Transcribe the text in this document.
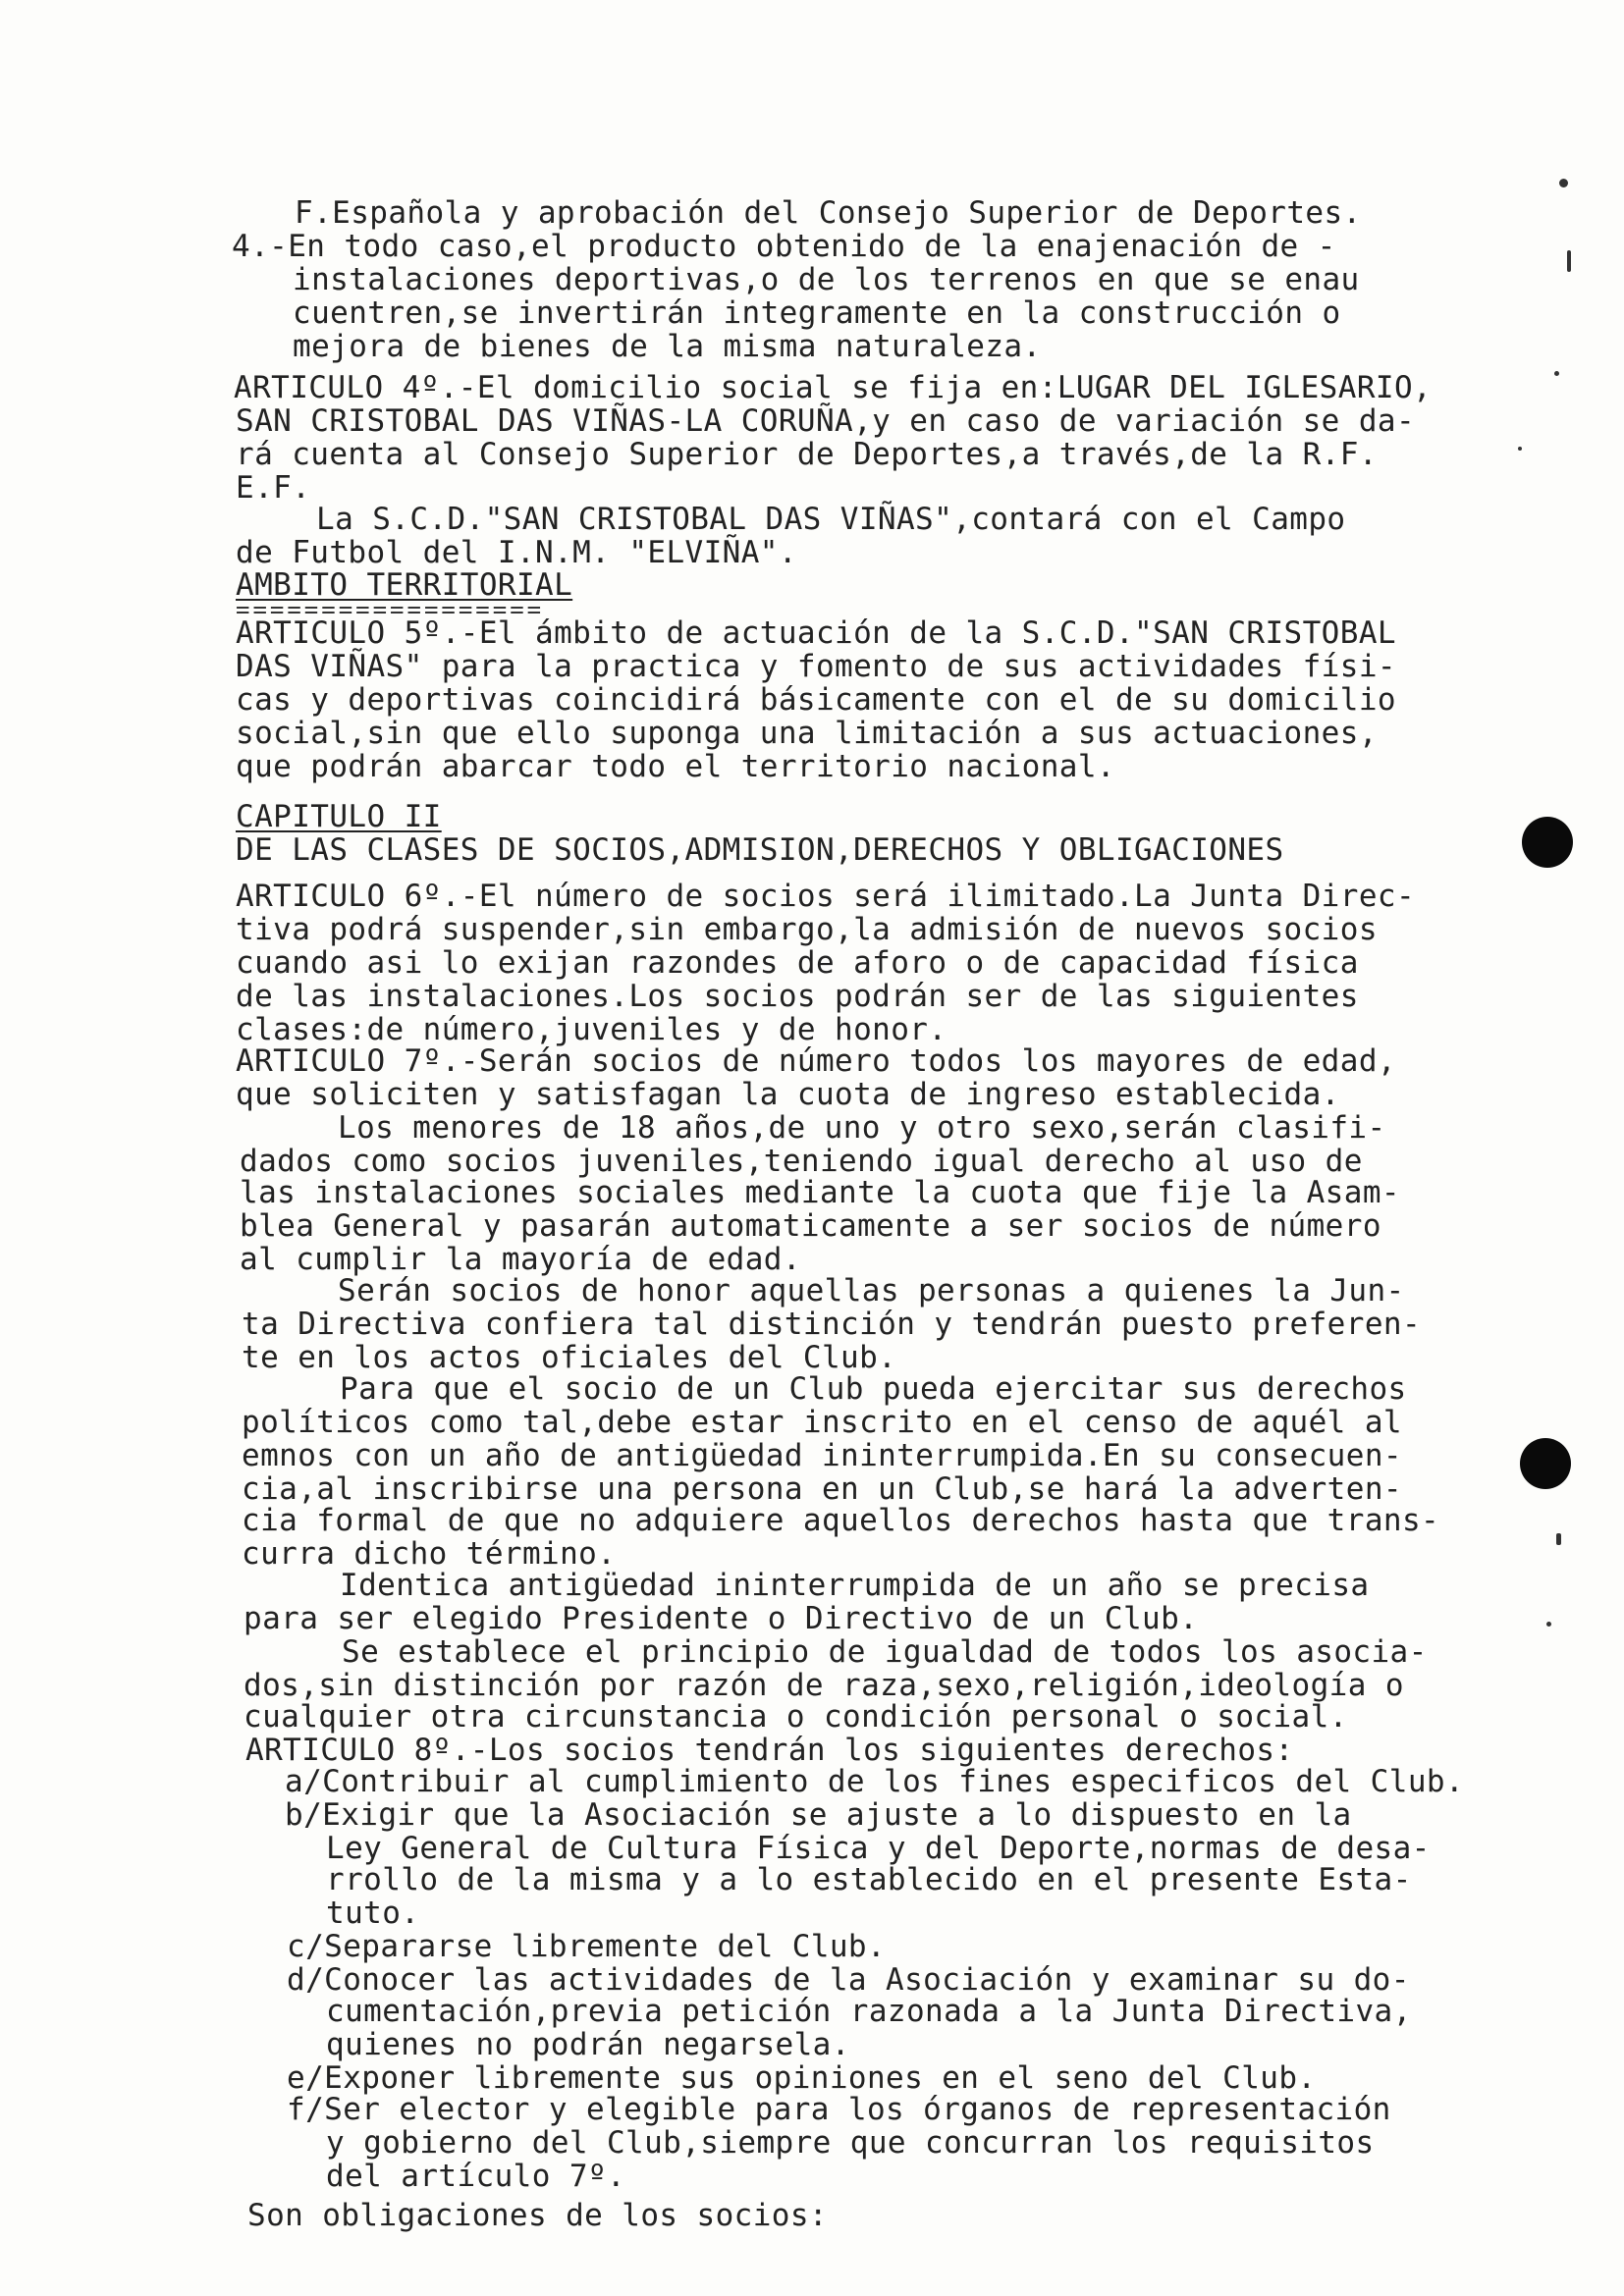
F.Española y aprobación del Consejo Superior de Deportes.
4.-En todo caso,el producto obtenido de la enajenación de -
instalaciones deportivas,o de los terrenos en que se enau
cuentren,se invertirán integramente en la construcción o
mejora de bienes de la misma naturaleza.
ARTICULO 4º.-El domicilio social se fija en:LUGAR DEL IGLESARIO,
SAN CRISTOBAL DAS VIÑAS-LA CORUÑA,y en caso de variación se da-
rá cuenta al Consejo Superior de Deportes,a través,de la R.F.
E.F.
La S.C.D."SAN CRISTOBAL DAS VIÑAS",contará con el Campo
de Futbol del I.N.M. "ELVIÑA".
AMBITO TERRITORIAL
==================
ARTICULO 5º.-El ámbito de actuación de la S.C.D."SAN CRISTOBAL
DAS VIÑAS" para la practica y fomento de sus actividades físi-
cas y deportivas coincidirá básicamente con el de su domicilio
social,sin que ello suponga una limitación a sus actuaciones,
que podrán abarcar todo el territorio nacional.
CAPITULO II
DE LAS CLASES DE SOCIOS,ADMISION,DERECHOS Y OBLIGACIONES
ARTICULO 6º.-El número de socios será ilimitado.La Junta Direc-
tiva podrá suspender,sin embargo,la admisión de nuevos socios
cuando asi lo exijan razondes de aforo o de capacidad física
de las instalaciones.Los socios podrán ser de las siguientes
clases:de número,juveniles y de honor.
ARTICULO 7º.-Serán socios de número todos los mayores de edad,
que soliciten y satisfagan la cuota de ingreso establecida.
Los menores de 18 años,de uno y otro sexo,serán clasifi-
dados como socios juveniles,teniendo igual derecho al uso de
las instalaciones sociales mediante la cuota que fije la Asam-
blea General y pasarán automaticamente a ser socios de número
al cumplir la mayoría de edad.
Serán socios de honor aquellas personas a quienes la Jun-
ta Directiva confiera tal distinción y tendrán puesto preferen-
te en los actos oficiales del Club.
Para que el socio de un Club pueda ejercitar sus derechos
políticos como tal,debe estar inscrito en el censo de aquél al
emnos con un año de antigüedad ininterrumpida.En su consecuen-
cia,al inscribirse una persona en un Club,se hará la adverten-
cia formal de que no adquiere aquellos derechos hasta que trans-
curra dicho término.
Identica antigüedad ininterrumpida de un año se precisa
para ser elegido Presidente o Directivo de un Club.
Se establece el principio de igualdad de todos los asocia-
dos,sin distinción por razón de raza,sexo,religión,ideología o
cualquier otra circunstancia o condición personal o social.
ARTICULO 8º.-Los socios tendrán los siguientes derechos:
a/Contribuir al cumplimiento de los fines especificos del Club.
b/Exigir que la Asociación se ajuste a lo dispuesto en la
Ley General de Cultura Física y del Deporte,normas de desa-
rrollo de la misma y a lo establecido en el presente Esta-
tuto.
c/Separarse libremente del Club.
d/Conocer las actividades de la Asociación y examinar su do-
cumentación,previa petición razonada a la Junta Directiva,
quienes no podrán negarsela.
e/Exponer libremente sus opiniones en el seno del Club.
f/Ser elector y elegible para los órganos de representación
y gobierno del Club,siempre que concurran los requisitos
del artículo 7º.
Son obligaciones de los socios:
